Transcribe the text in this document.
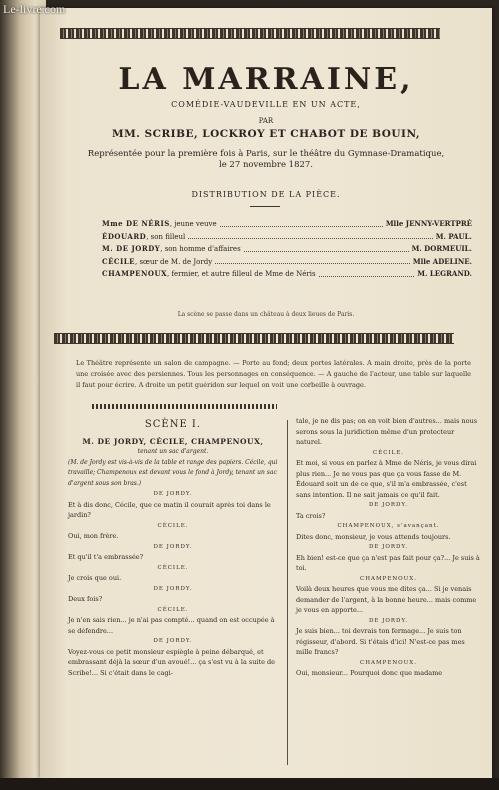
Le-livre.com
LA MARRAINE,
COMÉDIE-VAUDEVILLE EN UN ACTE,
PAR
MM. SCRIBE, LOCKROY ET CHABOT DE BOUIN,
Représentée pour la première fois à Paris, sur le théâtre du Gymnase-Dramatique,
le 27 novembre 1827.
DISTRIBUTION DE LA PIÈCE.
Mme DE NÉRIS, jeune veuve	Mlle JENNY-VERTPRÉ
ÉDOUARD, son filleul	M. PAUL.
M. DE JORDY, son homme d'affaires	M. DORMEUIL.
CÉCILE, sœur de M. de Jordy	Mlle ADELINE.
CHAMPENOUX, fermier, et autre filleul de Mme de Néris	M. LEGRAND.
La scène se passe dans un château à deux lieues de Paris.
Le Théâtre représente un salon de campagne. — Porte au fond; deux portes latérales. A main droite, près de la porte une croisée avec des persiennes. Tous les personnages en conséquence. — A gauche de l'acteur, une table sur laquelle il faut pour écrire. A droite un petit guéridon sur lequel on voit une corbeille à ouvrage.
SCÈNE I.
M. DE JORDY, CÉCILE, CHAMPENOUX,
tenant un sac d'argent.

(M. de Jordy est vis-à-vis de la table et range des papiers. Cécile, qui travaille; Champenoux est devant vous le fond à Jordy, tenant un sac d'argent sous son bras.)

DE JORDY.

Et à dis donc, Cécile, que ce matin il courait après toi dans le jardin?

CÉCILE.

Oui, mon frère.

DE JORDY.

Et qu'il t'a embrassée?

CÉCILE.

Je crois que oui.

DE JORDY.

Deux fois?

CÉCILE.

Je n'en sais rien... je n'ai pas compté... quand on est occupée à se défendre...

DE JORDY.

Voyez-vous ce petit monsieur espiègle à peine débarqué, et embrassant déjà la sœur d'un avoué!... ça s'est vu à la suite de Scribe!... Si c'était dans le cagi-

tale, je ne dis pas; on en voit bien d'autres... mais nous serons sous la juridiction même d'un protecteur naturel.

CÉCILE.

Et moi, si vous en parlez à Mme de Néris, je vous dirai plus rien... Je ne vous pas que ça vous fasse de M. Édouard soit un de ce que, s'il m'a embrassée, c'est sans intention. Il ne sait jamais ce qu'il fait.

DE JORDY.

Ta crois?

CHAMPENOUX, s'avançant.

Dites donc, monsieur, je vous attends toujours.

DE JORDY.

Eh bien! est-ce que ça n'est pas fait pour ça?... Je suis à toi.

CHAMPENOUX.

Voilà deux heures que vous me dites ça... Si je venais demander de l'argent, à la bonne heure... mais comme je vous en apporte...

DE JORDY.

Je suis bien... toi devrais ton fermage... Je suis ton régisseur, d'abord. Si t'étais d'ici! N'est-ce pas mes mille francs?

CHAMPENOUX.

Oui, monsieur... Pourquoi donc que madame
